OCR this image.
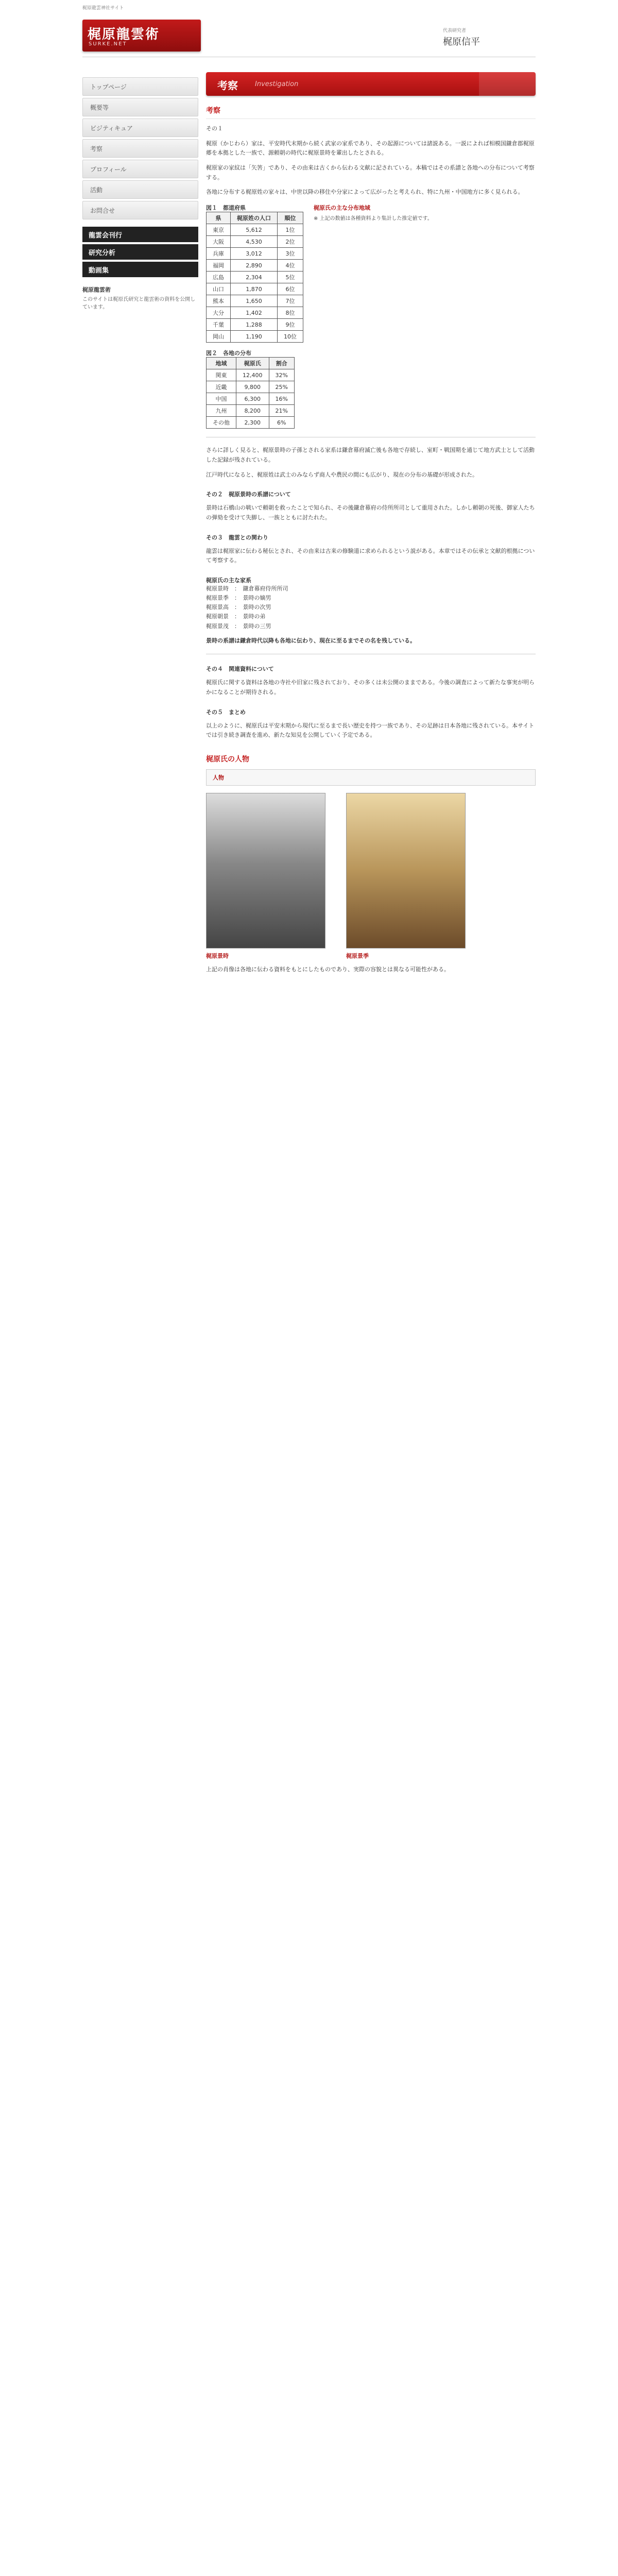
梶原龍雲神社サイト
梶原龍雲術
SURKE.NET
代表研究者
梶原信平
トップページ
概要等
ビジティキュア
考察
プロフィール
活動
お問合せ
龍雲会刊行
研究分析
動画集
梶原龍雲術
このサイトは梶原氏研究と龍雲術の資料を公開しています。
考察	Investigation
考察
その１
梶原（かじわら）家は、平安時代末期から続く武家の家系であり、その起源については諸説ある。一説によれば相模国鎌倉郡梶原郷を本拠とした一族で、源頼朝の時代に梶原景時を輩出したとされる。
梶原家の家紋は「矢筈」であり、その由来は古くから伝わる文献に記されている。本稿ではその系譜と各地への分布について考察する。
各地に分布する梶原姓の家々は、中世以降の移住や分家によって広がったと考えられ、特に九州・中国地方に多く見られる。
図１　都道府県
県	梶原姓の人口	順位
東京	5,612	1位
大阪	4,530	2位
兵庫	3,012	3位
福岡	2,890	4位
広島	2,304	5位
山口	1,870	6位
熊本	1,650	7位
大分	1,402	8位
千葉	1,288	9位
岡山	1,190	10位
梶原氏の主な分布地域
※ 上記の数値は各種資料より集計した推定値です。
図２　各地の分布
地域	梶原氏	割合
関東	12,400	32%
近畿	9,800	25%
中国	6,300	16%
九州	8,200	21%
その他	2,300	6%
さらに詳しく見ると、梶原景時の子孫とされる家系は鎌倉幕府滅亡後も各地で存続し、室町・戦国期を通じて地方武士として活動した記録が残されている。
江戸時代になると、梶原姓は武士のみならず商人や農民の間にも広がり、現在の分布の基礎が形成された。
その２　梶原景時の系譜について
景時は石橋山の戦いで頼朝を救ったことで知られ、その後鎌倉幕府の侍所所司として重用された。しかし頼朝の死後、御家人たちの弾劾を受けて失脚し、一族とともに討たれた。
その３　龍雲との関わり
龍雲は梶原家に伝わる秘伝とされ、その由来は古来の修験道に求められるという説がある。本章ではその伝承と文献的根拠について考察する。
梶原氏の主な家系
梶原景時　：　鎌倉幕府侍所所司
梶原景季　：　景時の嫡男
梶原景高　：　景時の次男
梶原朝景　：　景時の弟
梶原景茂　：　景時の三男
景時の系譜は鎌倉時代以降も各地に伝わり、現在に至るまでその名を残している。
その４　関連資料について
梶原氏に関する資料は各地の寺社や旧家に残されており、その多くは未公開のままである。今後の調査によって新たな事実が明らかになることが期待される。
その５　まとめ
以上のように、梶原氏は平安末期から現代に至るまで長い歴史を持つ一族であり、その足跡は日本各地に残されている。本サイトでは引き続き調査を進め、新たな知見を公開していく予定である。
梶原氏の人物
人物
梶原景時	梶原景季
上記の肖像は各地に伝わる資料をもとにしたものであり、実際の容貌とは異なる可能性がある。
